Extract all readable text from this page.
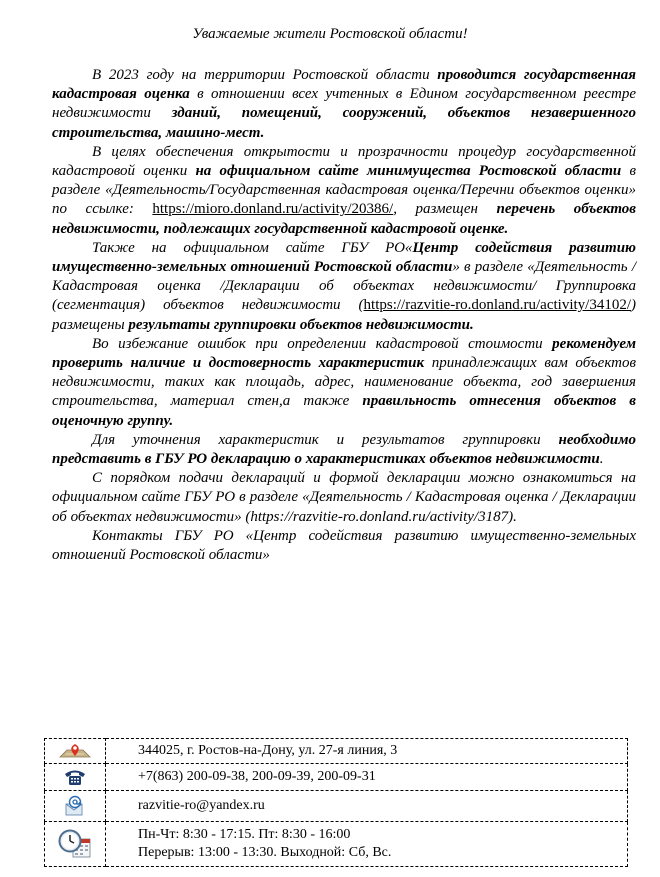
Уважаемые жители Ростовской области!

В 2023 году на территории Ростовской области проводится государственная кадастровая оценка в отношении всех учтенных в Едином государственном реестре недвижимости зданий, помещений, сооружений, объектов незавершенного строительства, машино-мест.

В целях обеспечения открытости и прозрачности процедур государственной кадастровой оценки на официальном сайте минимущества Ростовской области в разделе «Деятельность/Государственная кадастровая оценка/Перечни объектов оценки» по ссылке: https://mioro.donland.ru/activity/20386/, размещен перечень объектов недвижимости, подлежащих государственной кадастровой оценке.

Также на официальном сайте ГБУ РО«Центр содействия развитию имущественно-земельных отношений Ростовской области» в разделе «Деятельность / Кадастровая оценка /Декларации об объектах недвижимости/ Группировка (сегментация) объектов недвижимости (https://razvitie-ro.donland.ru/activity/34102/) размещены результаты группировки объектов недвижимости.

Во избежание ошибок при определении кадастровой стоимости рекомендуем проверить наличие и достоверность характеристик принадлежащих вам объектов недвижимости, таких как площадь, адрес, наименование объекта, год завершения строительства, материал стен,а также правильность отнесения объектов в оценочную группу.

Для уточнения характеристик и результатов группировки необходимо представить в ГБУ РО декларацию о характеристиках объектов недвижимости.

С порядком подачи деклараций и формой декларации можно ознакомиться на официальном сайте ГБУ РО в разделе «Деятельность / Кадастровая оценка / Декларации об объектах недвижимости» (https://razvitie-ro.donland.ru/activity/3187).

Контакты ГБУ РО «Центр содействия развитию имущественно-земельных отношений Ростовской области»

	344025, г. Ростов-на-Дону, ул. 27-я линия, 3

	+7(863) 200-09-38, 200-09-39, 200-09-31

	razvitie-ro@yandex.ru

Пн-Чт: 8:30 - 17:15. Пт: 8:30 - 16:00
Перерыв: 13:00 - 13:30. Выходной: Сб, Вс.
